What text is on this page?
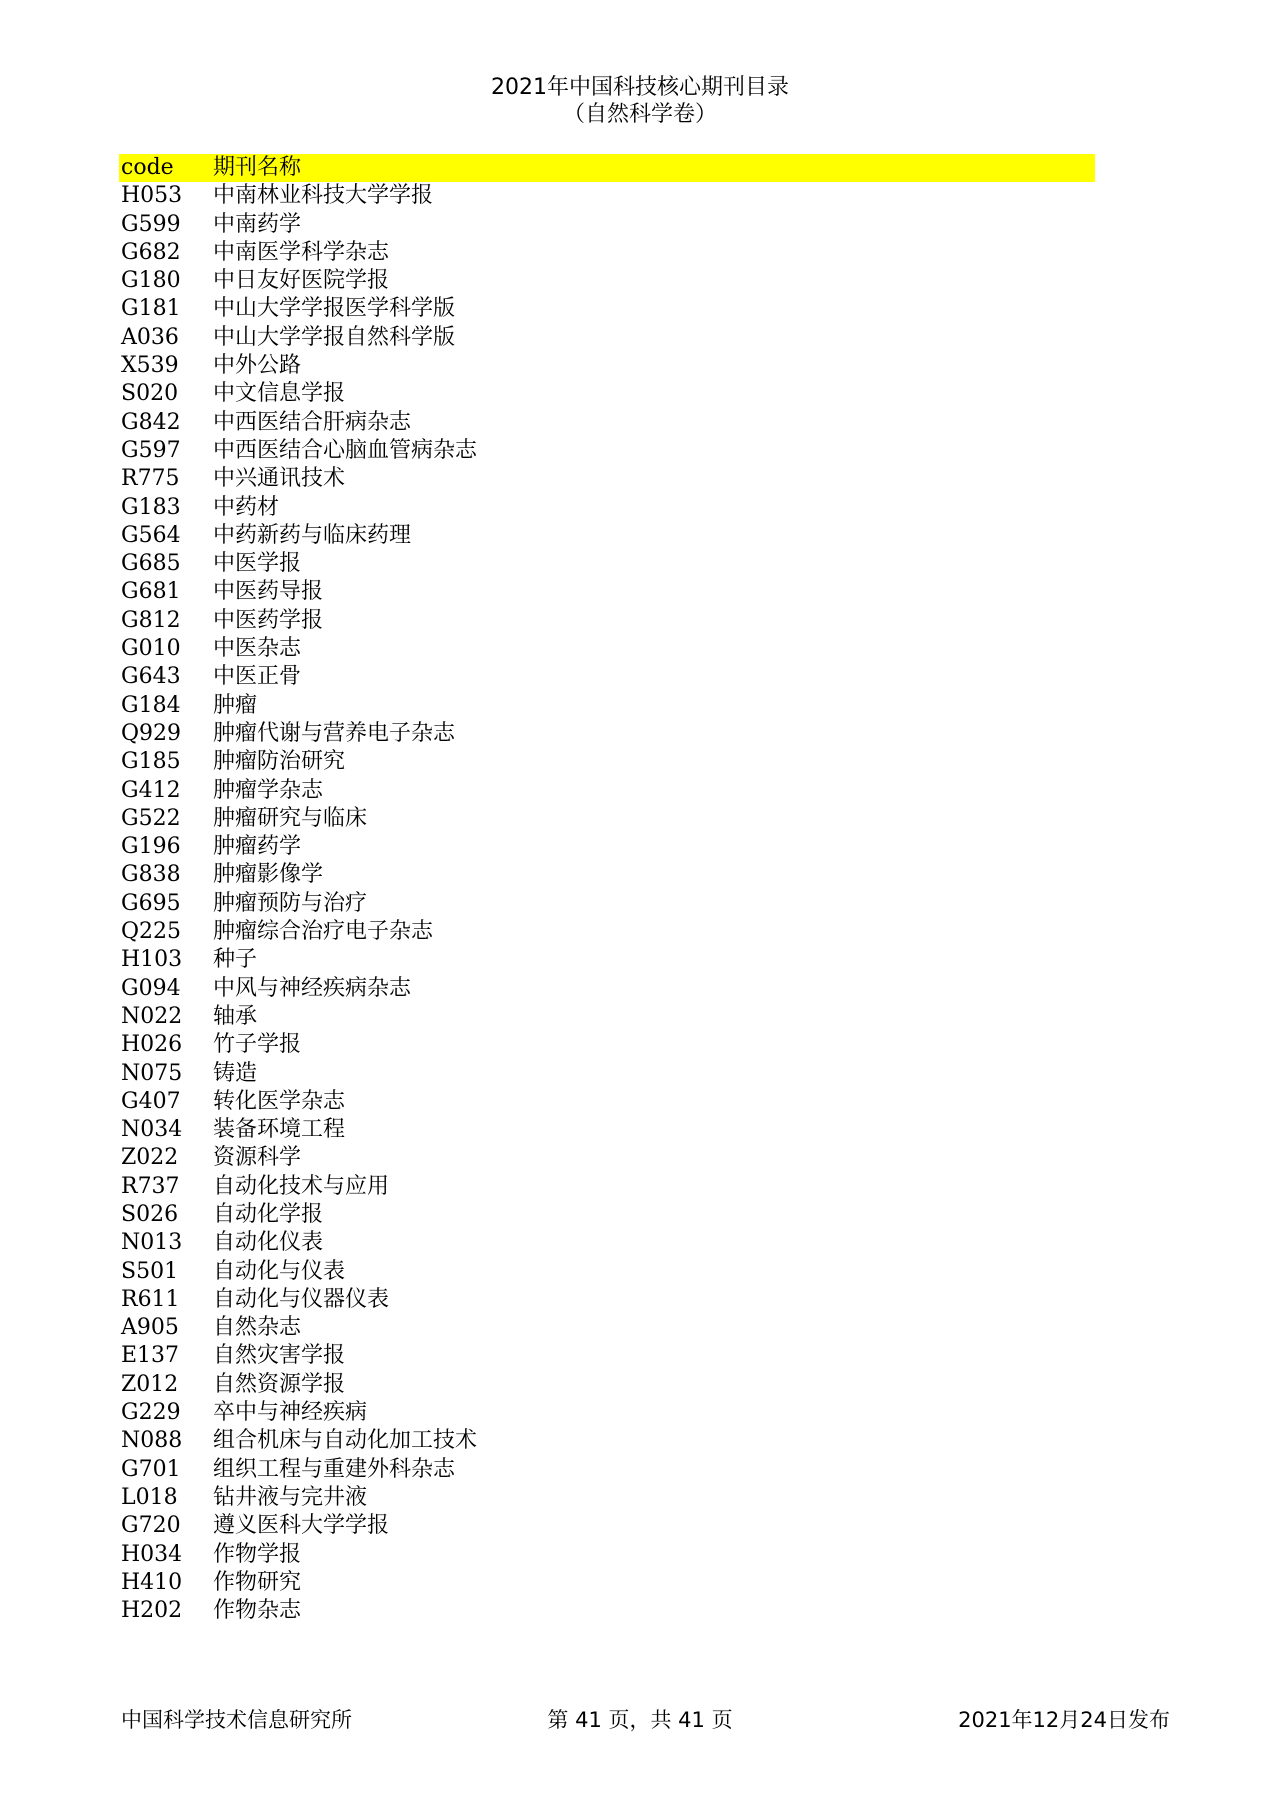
2021年中国科技核心期刊目录
（自然科学卷）
code	期刊名称
H053	中南林业科技大学学报
G599	中南药学
G682	中南医学科学杂志
G180	中日友好医院学报
G181	中山大学学报医学科学版
A036	中山大学学报自然科学版
X539	中外公路
S020	中文信息学报
G842	中西医结合肝病杂志
G597	中西医结合心脑血管病杂志
R775	中兴通讯技术
G183	中药材
G564	中药新药与临床药理
G685	中医学报
G681	中医药导报
G812	中医药学报
G010	中医杂志
G643	中医正骨
G184	肿瘤
Q929	肿瘤代谢与营养电子杂志
G185	肿瘤防治研究
G412	肿瘤学杂志
G522	肿瘤研究与临床
G196	肿瘤药学
G838	肿瘤影像学
G695	肿瘤预防与治疗
Q225	肿瘤综合治疗电子杂志
H103	种子
G094	中风与神经疾病杂志
N022	轴承
H026	竹子学报
N075	铸造
G407	转化医学杂志
N034	装备环境工程
Z022	资源科学
R737	自动化技术与应用
S026	自动化学报
N013	自动化仪表
S501	自动化与仪表
R611	自动化与仪器仪表
A905	自然杂志
E137	自然灾害学报
Z012	自然资源学报
G229	卒中与神经疾病
N088	组合机床与自动化加工技术
G701	组织工程与重建外科杂志
L018	钻井液与完井液
G720	遵义医科大学学报
H034	作物学报
H410	作物研究
H202	作物杂志
中国科学技术信息研究所	第 41 页，共 41 页	2021年12月24日发布
